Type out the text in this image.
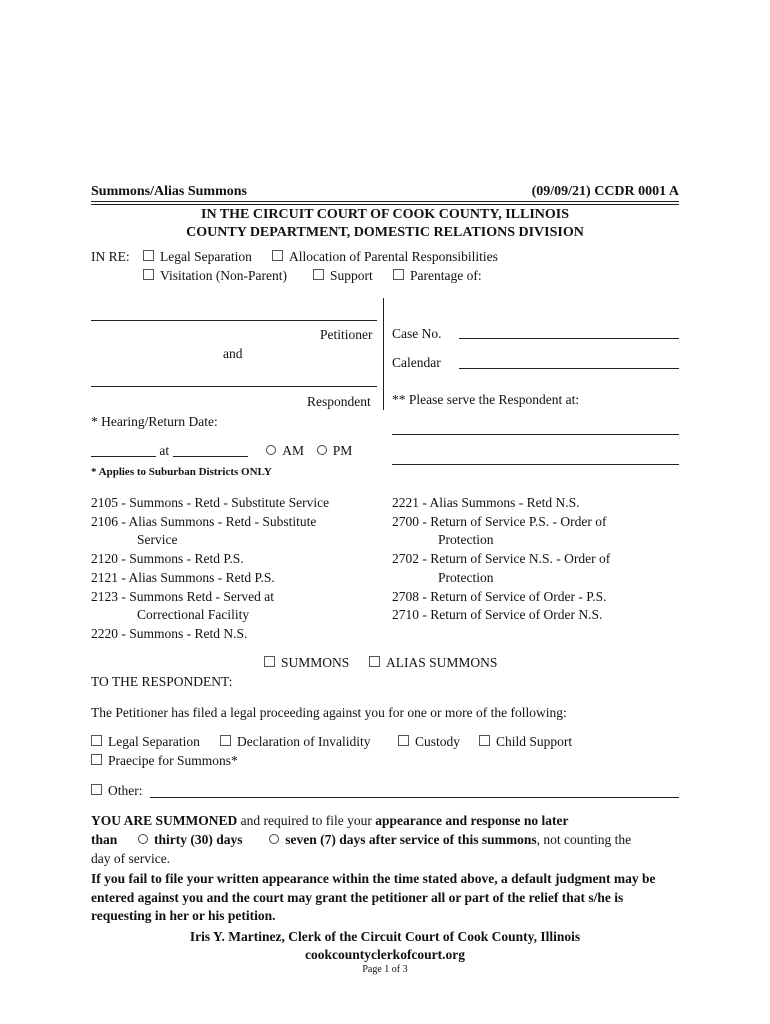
Summons/Alias Summons	(09/09/21) CCDR 0001 A
IN THE CIRCUIT COURT OF COOK COUNTY, ILLINOIS
COUNTY DEPARTMENT, DOMESTIC RELATIONS DIVISION
IN RE:	Legal Separation	Allocation of Parental Responsibilities
Visitation (Non-Parent)	Support	Parentage of:
Petitioner
and
Respondent
Case No.
Calendar
** Please serve the Respondent at:
* Hearing/Return Date:
at	AM PM
* Applies to Suburban Districts ONLY
2105 - Summons - Retd - Substitute Service
2106 - Alias Summons - Retd - Substitute
Service
2120 - Summons - Retd P.S.
2121 - Alias Summons - Retd P.S.
2123 - Summons Retd - Served at
Correctional Facility
2220 - Summons - Retd N.S.
2221 - Alias Summons - Retd N.S.
2700 - Return of Service P.S. - Order of
Protection
2702 - Return of Service N.S. - Order of
Protection
2708 - Return of Service of Order - P.S.
2710 - Return of Service of Order N.S.
SUMMONS	ALIAS SUMMONS
TO THE RESPONDENT:
The Petitioner has filed a legal proceeding against you for one or more of the following:
Legal Separation	Declaration of Invalidity	Custody	Child Support
Praecipe for Summons*
Other:
YOU ARE SUMMONED and required to file your appearance and response no later
than	thirty (30) days	seven (7) days after service of this summons, not counting the
day of service.
If you fail to file your written appearance within the time stated above, a default judgment may be entered against you and the court may grant the petitioner all or part of the relief that s/he is requesting in her or his petition.
Iris Y. Martinez, Clerk of the Circuit Court of Cook County, Illinois
cookcountyclerkofcourt.org
Page 1 of 3
